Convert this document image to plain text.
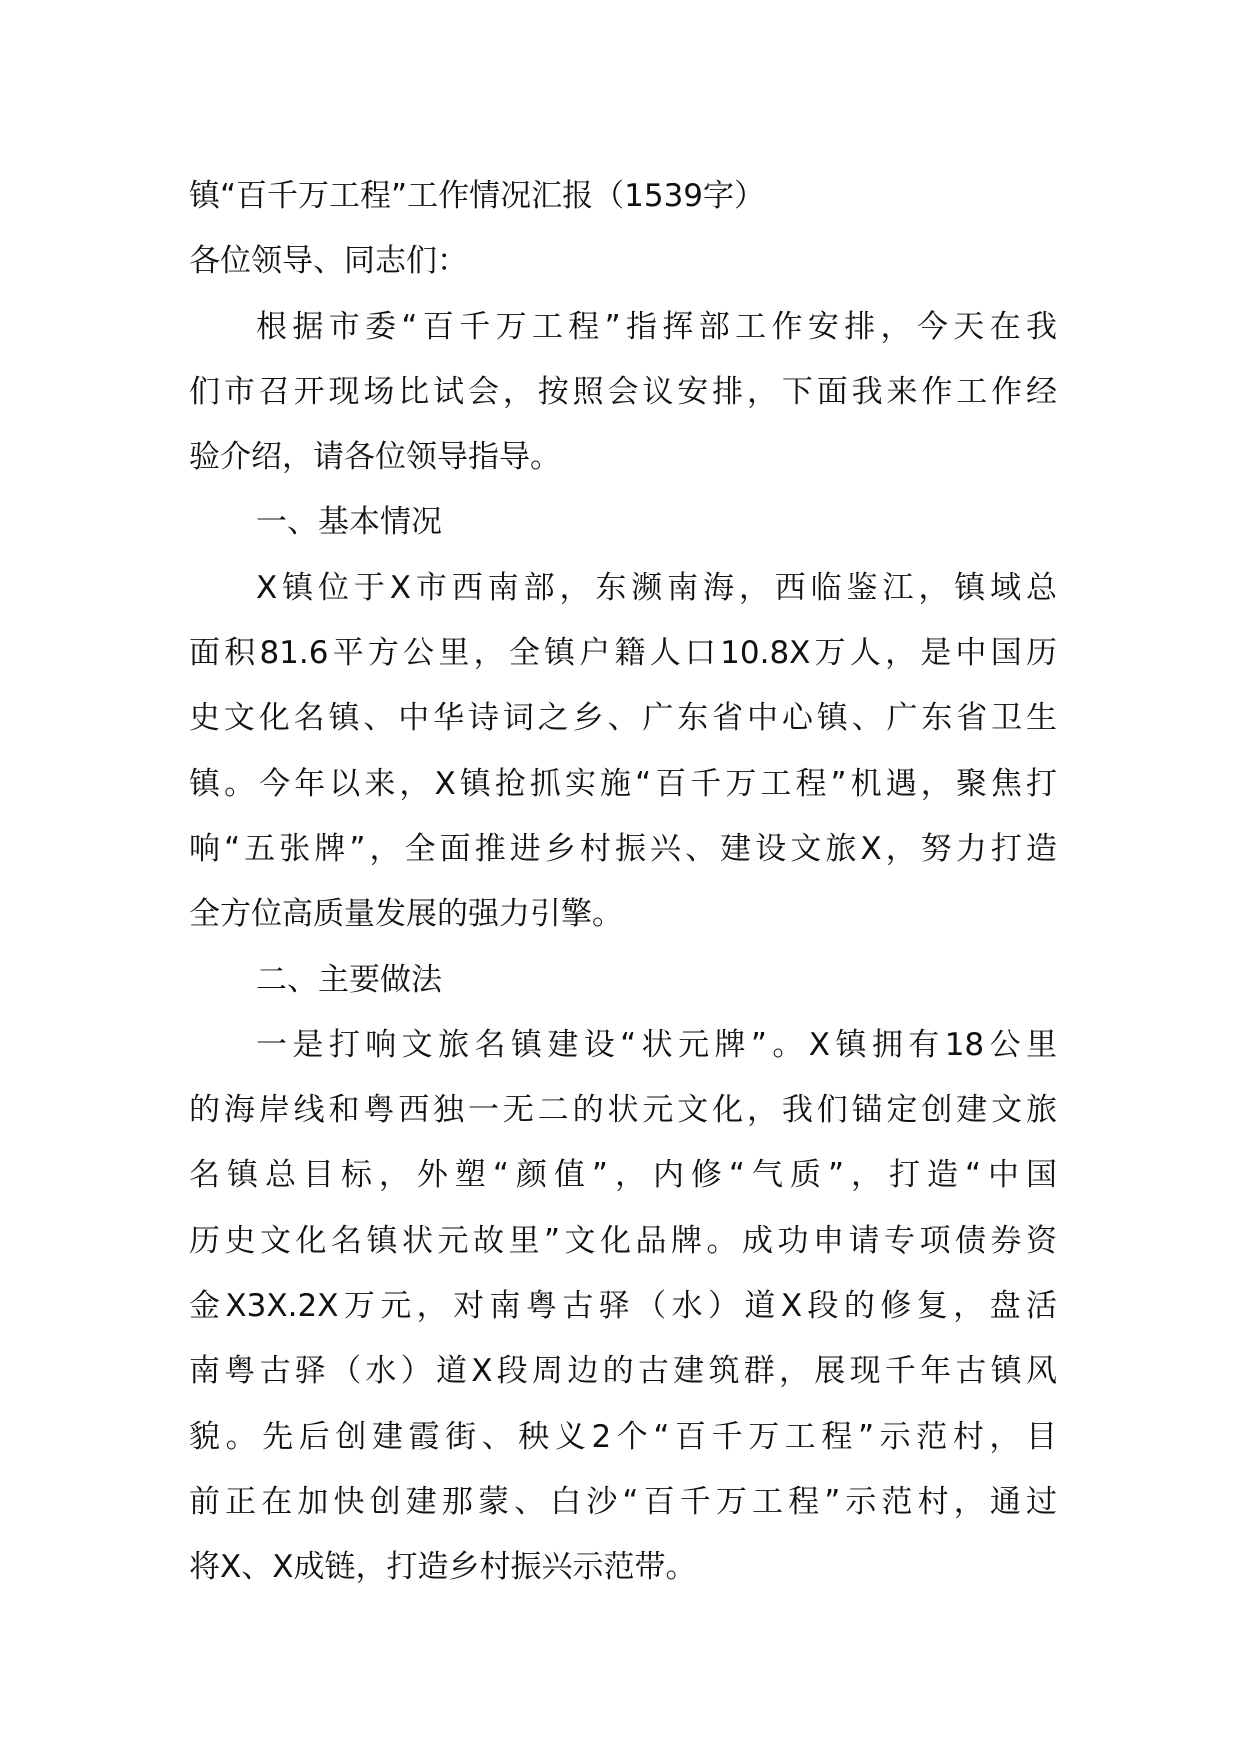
镇“百千万工程”工作情况汇报（1539字）
各位领导、同志们：
根据市委“百千万工程”指挥部工作安排，今天在我
们市召开现场比试会，按照会议安排，下面我来作工作经
验介绍，请各位领导指导。
一、基本情况
X镇位于X市西南部，东濒南海，西临鉴江，镇域总
面积81.6平方公里，全镇户籍人口10.8X万人，是中国历
史文化名镇、中华诗词之乡、广东省中心镇、广东省卫生
镇。今年以来，X镇抢抓实施“百千万工程”机遇，聚焦打
响“五张牌”，全面推进乡村振兴、建设文旅X，努力打造
全方位高质量发展的强力引擎。
二、主要做法
一是打响文旅名镇建设“状元牌”。X镇拥有18公里
的海岸线和粤西独一无二的状元文化，我们锚定创建文旅
名镇总目标，外塑“颜值”，内修“气质”，打造“中国
历史文化名镇状元故里”文化品牌。成功申请专项债券资
金X3X.2X万元，对南粤古驿（水）道X段的修复，盘活
南粤古驿（水）道X段周边的古建筑群，展现千年古镇风
貌。先后创建霞街、秧义2个“百千万工程”示范村，目
前正在加快创建那蒙、白沙“百千万工程”示范村，通过
将X、X成链，打造乡村振兴示范带。
